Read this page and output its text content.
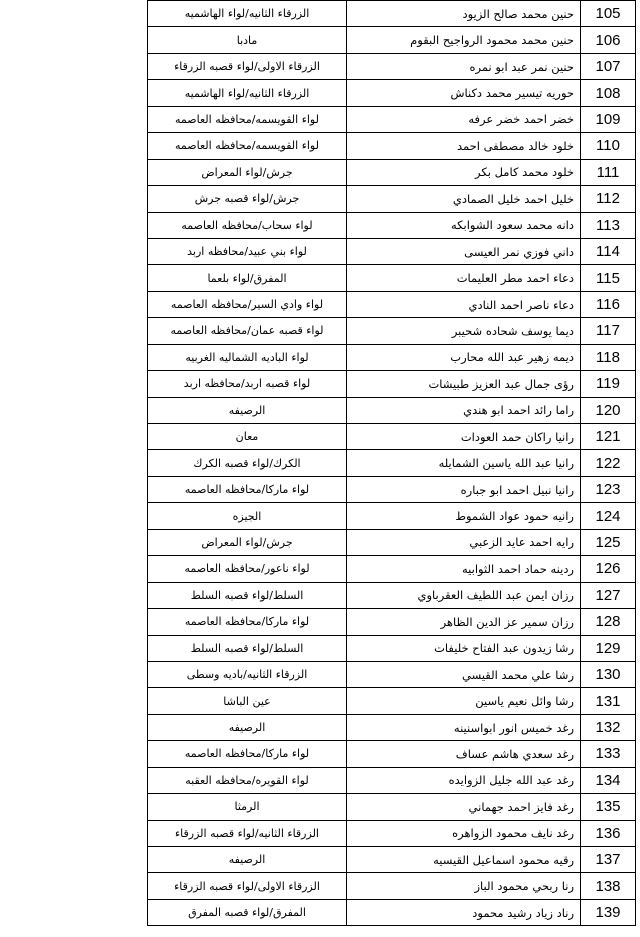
الزرقاء الثانيه/لواء الهاشميه	حنين محمد صالح الزيود	105
مادبا	حنين محمد محمود الرواجيح البقوم	106
الزرقاء الاولى/لواء قصبه الزرقاء	حنين نمر عبد ابو نمره	107
الزرقاء الثانيه/لواء الهاشميه	حوريه تيسير محمد دكناش	108
لواء القويسمه/محافظه العاصمه	خضر احمد خضر عرفه	109
لواء القويسمه/محافظه العاصمه	خلود خالد مصطفى احمد	110
جرش/لواء المعراض	خلود محمد كامل بكر	111
جرش/لواء قصبه جرش	خليل احمد خليل الصمادي	112
لواء سحاب/محافظه العاصمه	دانه محمد سعود الشوابكه	113
لواء بني عبيد/محافظه اربد	داني فوزي نمر العيسى	114
المفرق/لواء بلعما	دعاء احمد مطر العليمات	115
لواء وادي السير/محافظه العاصمه	دعاء ناصر احمد النادي	116
لواء قصبه عمان/محافظه العاصمه	ديما يوسف شحاده شحيبر	117
لواء الباديه الشماليه الغربيه	ديمه زهير عبد الله محارب	118
لواء قصبه اربد/محافظه اربد	رؤى جمال عبد العزيز طبيشات	119
الرصيفه	راما رائد احمد ابو هندي	120
معان	رانيا راكان حمد العودات	121
الكرك/لواء قصبه الكرك	رانيا عبد الله ياسين الشمايله	122
لواء ماركا/محافظه العاصمه	رانيا نبيل احمد ابو جباره	123
الجيزه	رانيه حمود عواد الشموط	124
جرش/لواء المعراض	رايه احمد عايد الزعبي	125
لواء ناعور/محافظه العاصمه	ردينه حماد احمد الثوابيه	126
السلط/لواء قصبه السلط	رزان ايمن عبد اللطيف العقرباوي	127
لواء ماركا/محافظه العاصمه	رزان سمير عز الدين الظاهر	128
السلط/لواء قصبه السلط	رشا زيدون عبد الفتاح خليفات	129
الزرقاء الثانيه/باديه وسطى	رشا علي محمد القيسي	130
عين الباشا	رشا وائل نعيم ياسين	131
الرصيفه	رغد خميس انور ابواسنينه	132
لواء ماركا/محافظه العاصمه	رغد سعدي هاشم عساف	133
لواء القويره/محافظه العقبه	رغد عبد الله جليل الزوايده	134
الرمثا	رغد فايز احمد جهماني	135
الزرقاء الثانيه/لواء قصبه الزرقاء	رغد نايف محمود الزواهره	136
الرصيفه	رقيه محمود اسماعيل القيسيه	137
الزرقاء الاولى/لواء قصبه الزرقاء	رنا ربحي محمود الباز	138
المفرق/لواء قصبه المفرق	رناد زياد رشيد محمود	139
